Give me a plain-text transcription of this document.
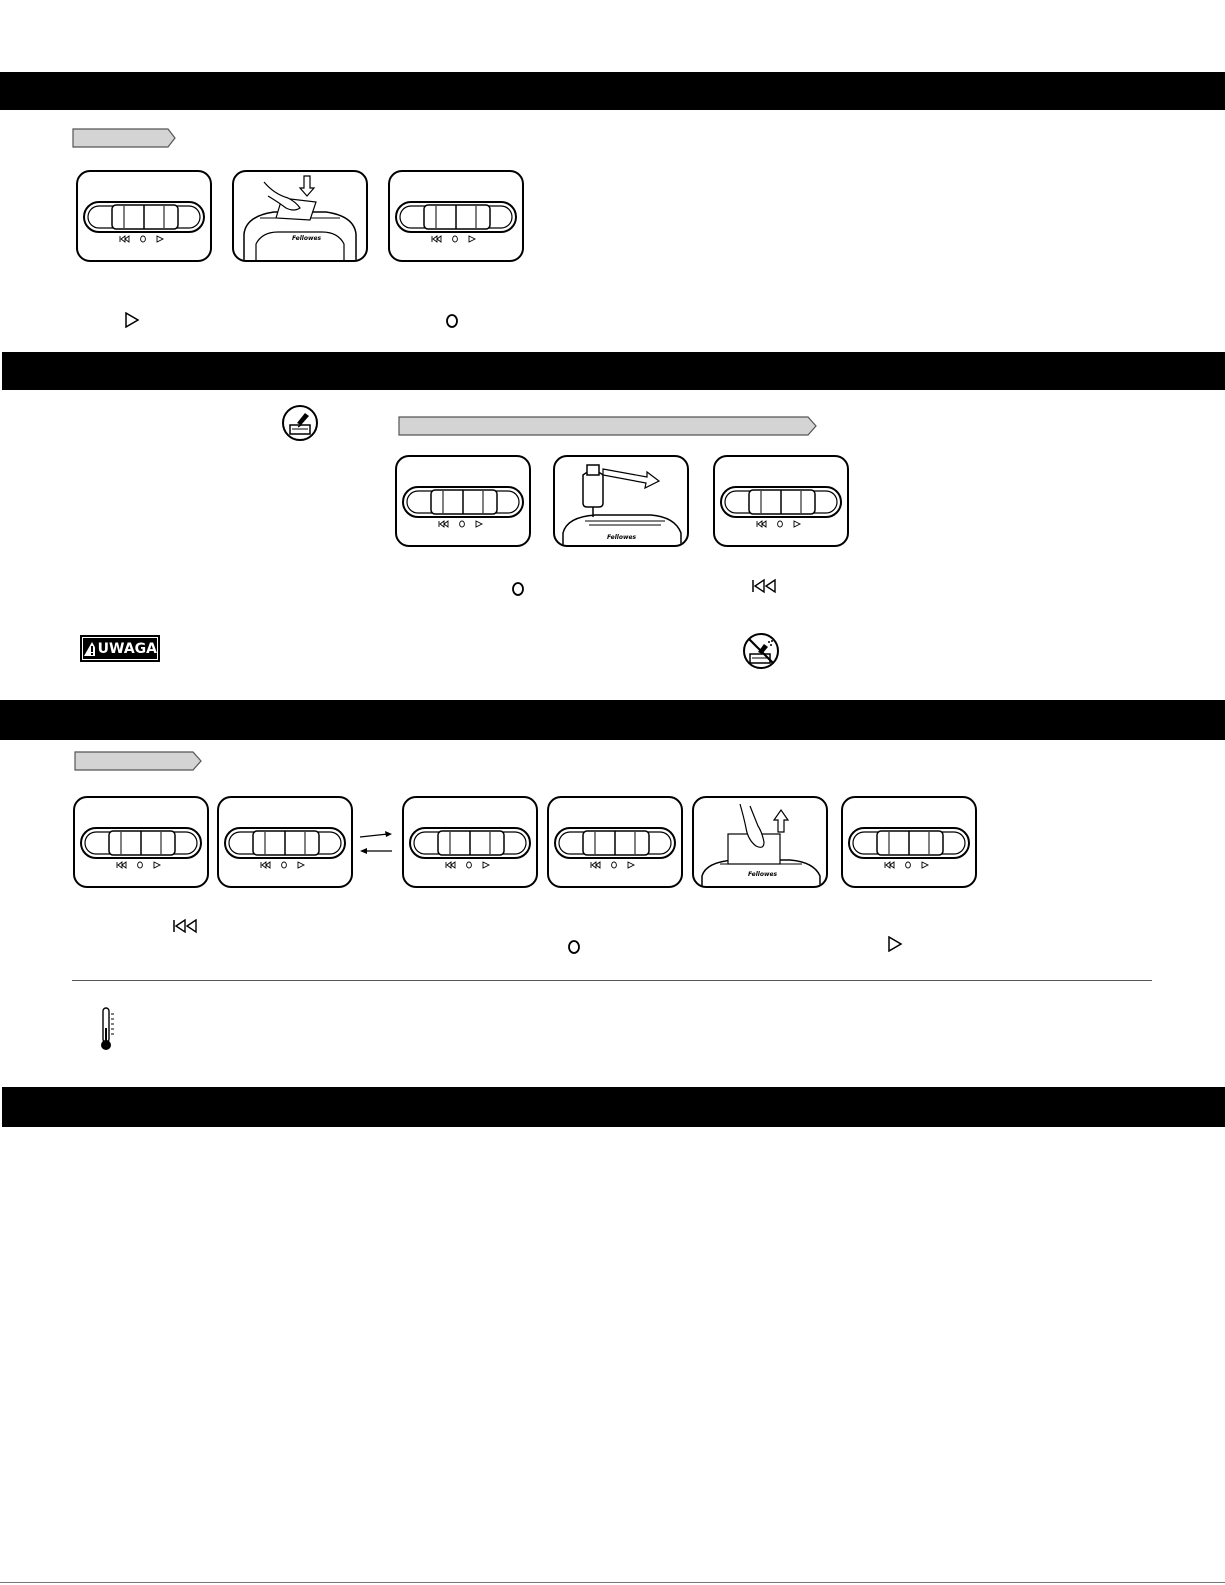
Fellowes
Fellowes
UWAGA
Fellowes
